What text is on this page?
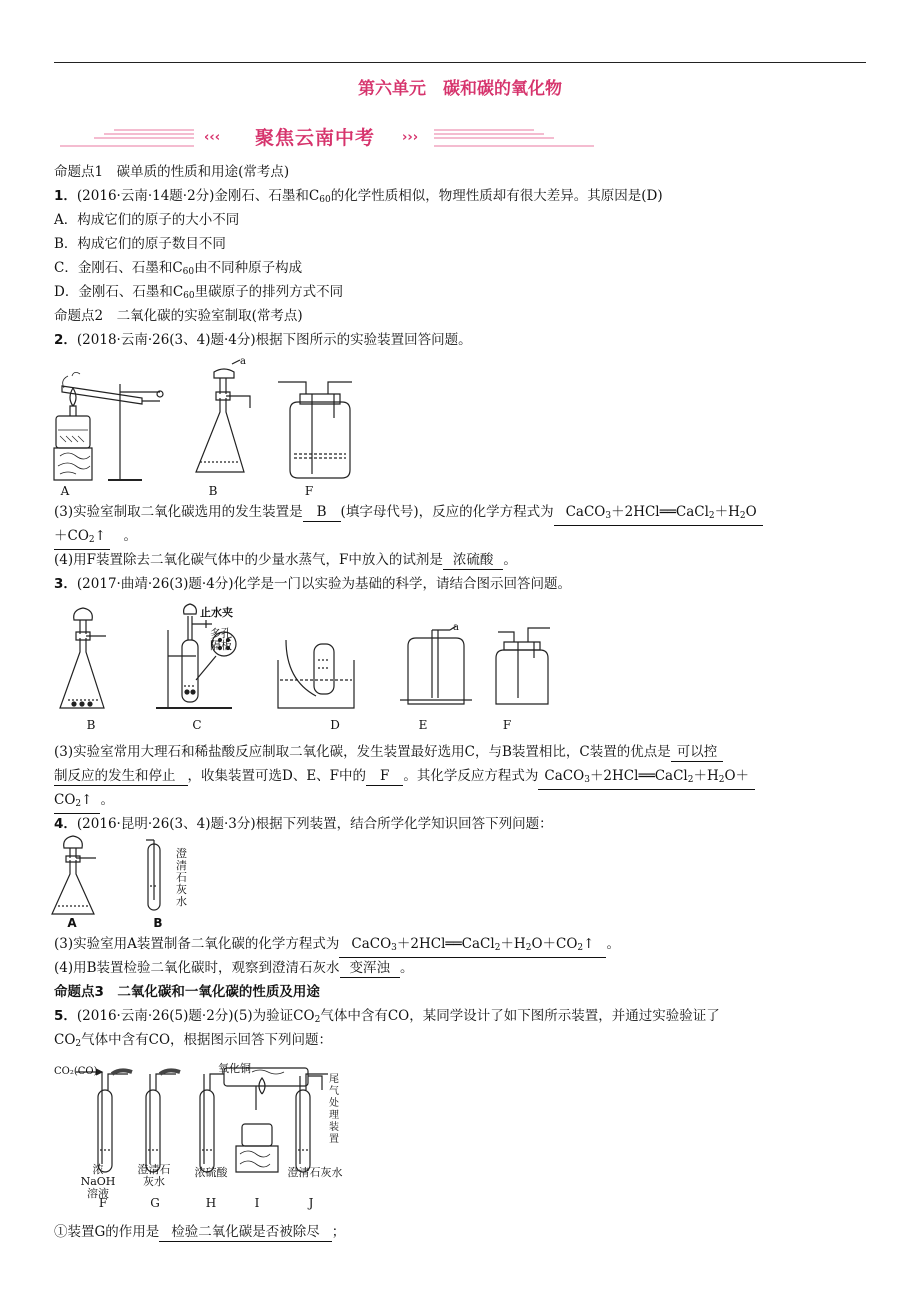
第六单元　碳和碳的氧化物
‹‹‹	›››
聚焦云南中考
命题点1　碳单质的性质和用途(常考点)
1．(2016·云南·14题·2分)金刚石、石墨和$C_{60}$的化学性质相似，物理性质却有很大差异。其原因是(D)
A．构成它们的原子的大小不同
B．构成它们的原子数目不同
C．金刚石、石墨和$C_{60}$由不同种原子构成
D．金刚石、石墨和$C_{60}$里碳原子的排列方式不同
命题点2　二氧化碳的实验室制取(常考点)
2．(2018·云南·26(3、4)题·4分)根据下图所示的实验装置回答问题。
a
A	B	F
(3)实验室制取二氧化碳选用的发生装置是 B (填字母代号)，反应的化学方程式为 $CaCO_3+2HCl══CaCl_2+H_2O$
$+CO_2↑$　。
(4)用F装置除去二氧化碳气体中的少量水蒸气，F中放入的试剂是 浓硫酸 。
3．(2017·曲靖·26(3)题·4分)化学是一门以实验为基础的科学，请结合图示回答问题。
止水夹
多孔隔板
a
B	C	D	E	F
(3)实验室常用大理石和稀盐酸反应制取二氧化碳，发生装置最好选用C，与B装置相比，C装置的优点是 可以控
制反应的发生和停止 ，收集装置可选D、E、F中的 F 。其化学反应方程式为 $CaCO_3+2HCl══CaCl_2+H_2O+$
$CO_2↑$ 。
4．(2016·昆明·26(3、4)题·3分)根据下列装置，结合所学化学知识回答下列问题：
澄清石灰水
A	B
(3)实验室用A装置制备二氧化碳的化学方程式为 $CaCO_3+2HCl══CaCl_2+H_2O+CO_2↑$ 。
(4)用B装置检验二氧化碳时，观察到澄清石灰水 变浑浊 。
命题点3　二氧化碳和一氧化碳的性质及用途
5．(2016·云南·26(5)题·2分)(5)为验证$CO_2$气体中含有CO，某同学设计了如下图所示装置，并通过实验验证了
$CO_2$气体中含有CO，根据图示回答下列问题：
CO₂(CO)	氧化铜
尾气处理装置
浓NaOH溶液
澄清石灰水
浓硫酸	澄清石灰水
F	G	H	I	J
①装置G的作用是 检验二氧化碳是否被除尽 ；
